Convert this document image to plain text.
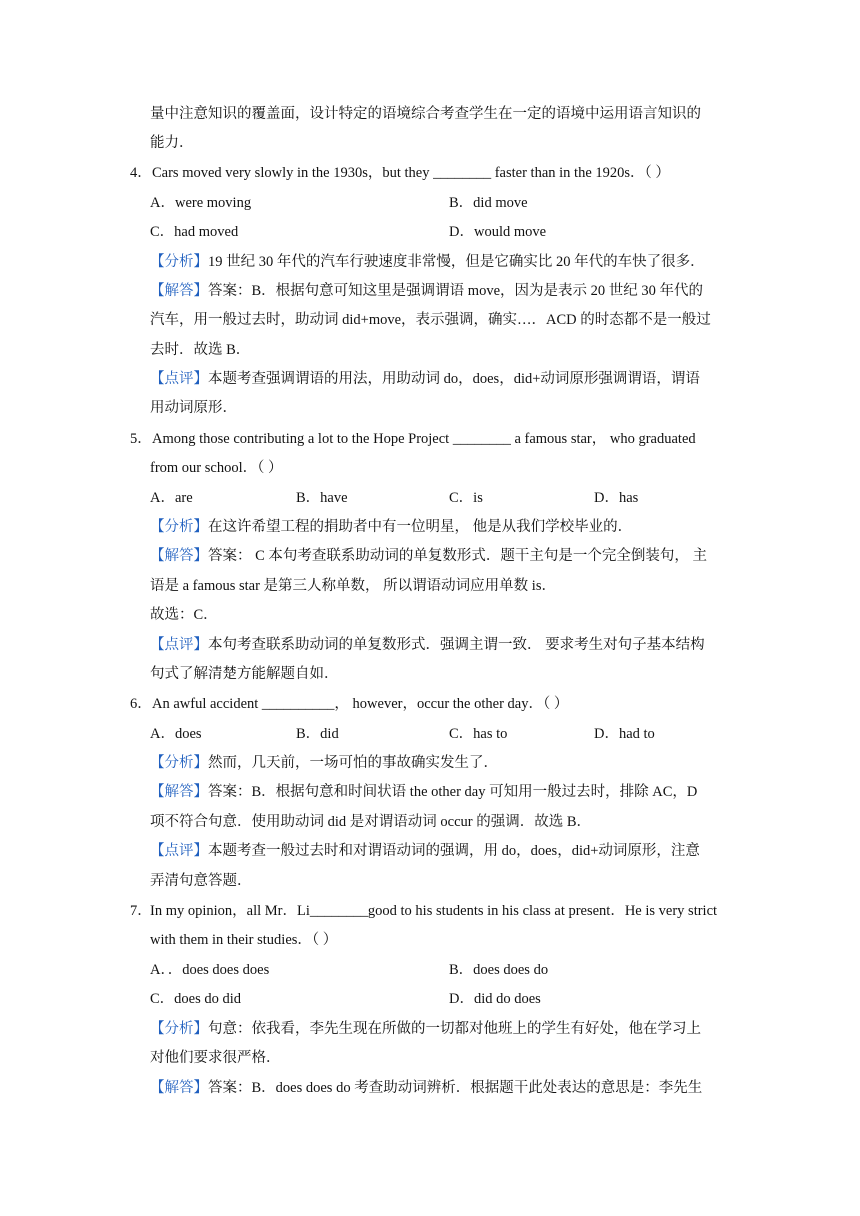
量中注意知识的覆盖面，设计特定的语境综合考查学生在一定的语境中运用语言知识的
能力．
4． Cars moved very slowly in the 1930s，but they ________ faster than in the 1920s．（ ）
A．were moving	B．did move
C．had moved	D．would move
【分析】19 世纪 30 年代的汽车行驶速度非常慢，但是它确实比 20 年代的车快了很多．
【解答】答案：B．根据句意可知这里是强调谓语 move，因为是表示 20 世纪 30 年代的
汽车，用一般过去时，助动词 did+move，表示强调，确实…．ACD 的时态都不是一般过
去时．故选 B．
【点评】本题考查强调谓语的用法，用助动词 do，does，did+动词原形强调谓语，谓语
用动词原形．
5． Among those contributing a lot to the Hope Project ________ a famous star， who graduated
from our school．（ ）
A．are	B．have	C．is	D．has
【分析】在这许希望工程的捐助者中有一位明星， 他是从我们学校毕业的．
【解答】答案： C 本句考查联系助动词的单复数形式．题干主句是一个完全倒装句， 主
语是 a famous star 是第三人称单数， 所以谓语动词应用单数 is．
故选：C．
【点评】本句考查联系助动词的单复数形式．强调主谓一致． 要求考生对句子基本结构
句式了解清楚方能解题自如．
6． An awful accident __________， however，occur the other day．（ ）
A．does	B．did	C．has to	D．had to
【分析】然而，几天前，一场可怕的事故确实发生了．
【解答】答案：B．根据句意和时间状语 the other day 可知用一般过去时，排除 AC，D
项不符合句意．使用助动词 did 是对谓语动词 occur 的强调．故选 B．
【点评】本题考查一般过去时和对谓语动词的强调，用 do，does，did+动词原形，注意
弄清句意答题．
7．
In my opinion，all Mr．Li________good to his students in his class at present．He is very strict
with them in their studies．（ ）
A．．does does does	B．does does do
C．does do did	D．did do does
【分析】句意：依我看，李先生现在所做的一切都对他班上的学生有好处，他在学习上
对他们要求很严格．
【解答】答案：B．does does do 考查助动词辨析．根据题干此处表达的意思是：李先生
